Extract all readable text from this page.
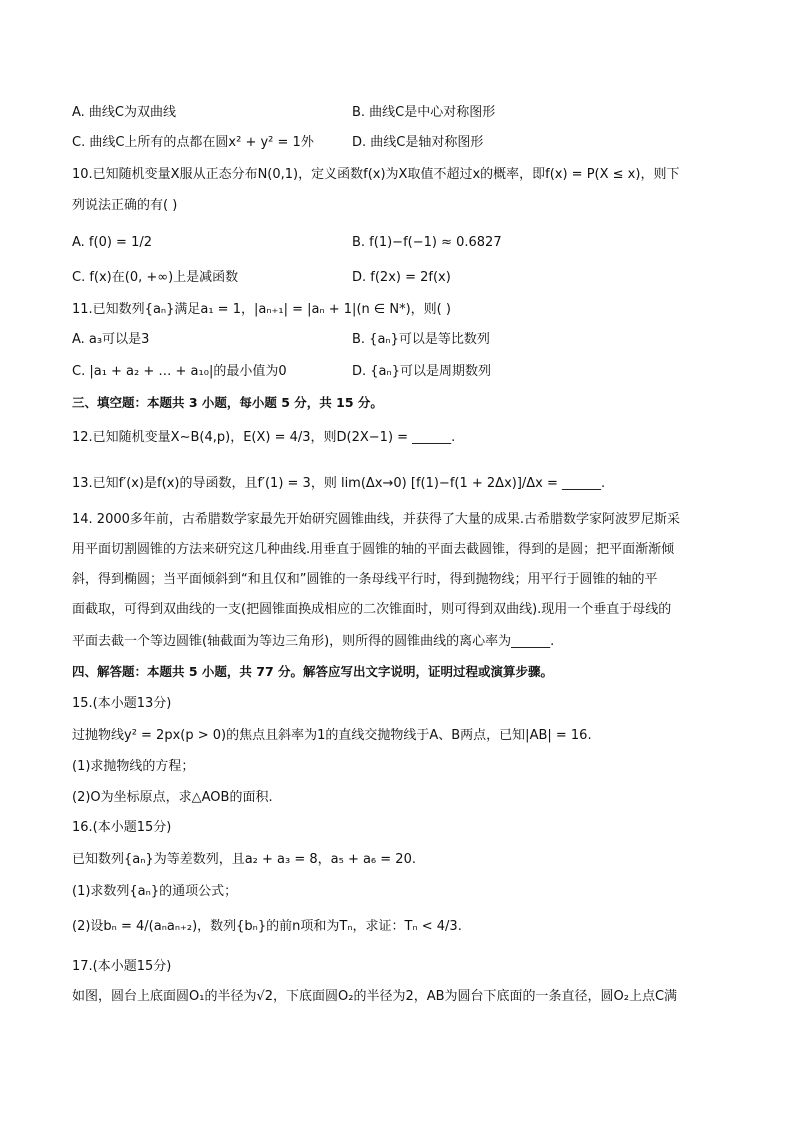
A. 曲线C为双曲线	B. 曲线C是中心对称图形
C. 曲线C上所有的点都在圆x² + y² = 1外	D. 曲线C是轴对称图形
10.已知随机变量X服从正态分布N(0,1)，定义函数f(x)为X取值不超过x的概率，即f(x) = P(X ≤ x)，则下
列说法正确的有( )
A. f(0) = 1/2	B. f(1)−f(−1) ≈ 0.6827
C. f(x)在(0, +∞)上是减函数	D. f(2x) = 2f(x)
11.已知数列{aₙ}满足a₁ = 1，|aₙ₊₁| = |aₙ + 1|(n ∈ N*)，则( )
A. a₃可以是3	B. {aₙ}可以是等比数列
C. |a₁ + a₂ + … + a₁₀|的最小值为0	D. {aₙ}可以是周期数列
三、填空题：本题共 3 小题，每小题 5 分，共 15 分。
12.已知随机变量X∼B(4,p)，E(X) = 4/3，则D(2X−1) = ______.
13.已知f′(x)是f(x)的导函数，且f′(1) = 3，则 lim(Δx→0) [f(1)−f(1 + 2Δx)]/Δx = ______.
14. 2000多年前，古希腊数学家最先开始研究圆锥曲线，并获得了大量的成果.古希腊数学家阿波罗尼斯采
用平面切割圆锥的方法来研究这几种曲线.用垂直于圆锥的轴的平面去截圆锥，得到的是圆；把平面渐渐倾
斜，得到椭圆；当平面倾斜到“和且仅和”圆锥的一条母线平行时，得到抛物线；用平行于圆锥的轴的平
面截取，可得到双曲线的一支(把圆锥面换成相应的二次锥面时，则可得到双曲线).现用一个垂直于母线的
平面去截一个等边圆锥(轴截面为等边三角形)，则所得的圆锥曲线的离心率为______.
四、解答题：本题共 5 小题，共 77 分。解答应写出文字说明，证明过程或演算步骤。
15.(本小题13分)
过抛物线y² = 2px(p > 0)的焦点且斜率为1的直线交抛物线于A、B两点，已知|AB| = 16.
(1)求抛物线的方程；
(2)O为坐标原点，求△AOB的面积.
16.(本小题15分)
已知数列{aₙ}为等差数列，且a₂ + a₃ = 8，a₅ + a₆ = 20.
(1)求数列{aₙ}的通项公式；
(2)设bₙ = 4/(aₙaₙ₊₂)，数列{bₙ}的前n项和为Tₙ，求证：Tₙ < 4/3.
17.(本小题15分)
如图，圆台上底面圆O₁的半径为√2，下底面圆O₂的半径为2，AB为圆台下底面的一条直径，圆O₂上点C满
